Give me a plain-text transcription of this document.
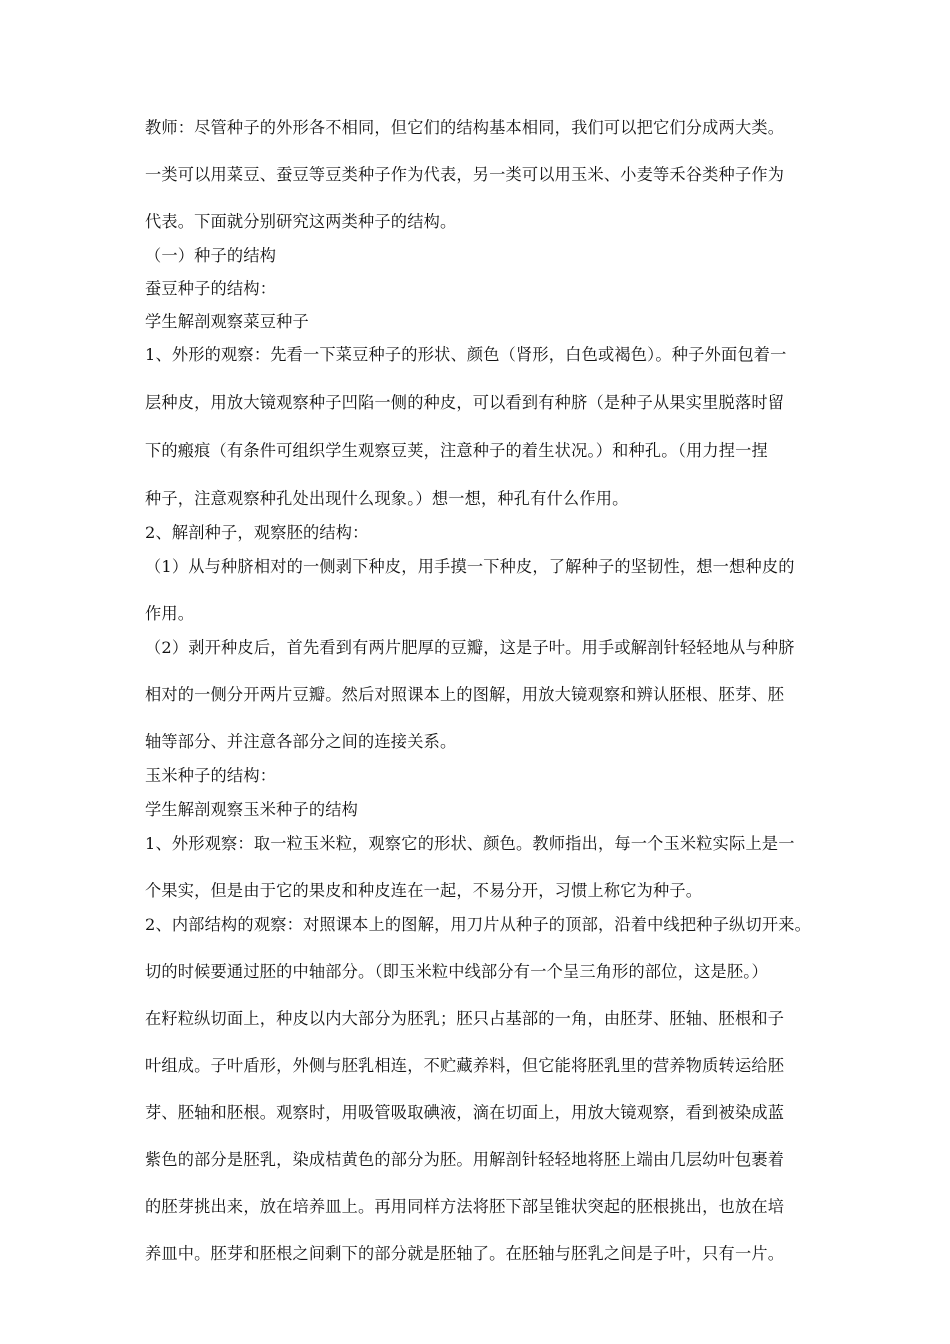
教师：尽管种子的外形各不相同，但它们的结构基本相同，我们可以把它们分成两大类。
一类可以用菜豆、蚕豆等豆类种子作为代表，另一类可以用玉米、小麦等禾谷类种子作为
代表。下面就分别研究这两类种子的结构。
（一）种子的结构
蚕豆种子的结构：
学生解剖观察菜豆种子
1、外形的观察：先看一下菜豆种子的形状、颜色（肾形，白色或褐色）。种子外面包着一
层种皮，用放大镜观察种子凹陷一侧的种皮，可以看到有种脐（是种子从果实里脱落时留
下的瘢痕（有条件可组织学生观察豆荚，注意种子的着生状况。）和种孔。（用力捏一捏
种子，注意观察种孔处出现什么现象。）想一想，种孔有什么作用。
2、解剖种子，观察胚的结构：
（1）从与种脐相对的一侧剥下种皮，用手摸一下种皮，了解种子的坚韧性，想一想种皮的
作用。
（2）剥开种皮后，首先看到有两片肥厚的豆瓣，这是子叶。用手或解剖针轻轻地从与种脐
相对的一侧分开两片豆瓣。然后对照课本上的图解，用放大镜观察和辨认胚根、胚芽、胚
轴等部分、并注意各部分之间的连接关系。
玉米种子的结构：
学生解剖观察玉米种子的结构
1、外形观察：取一粒玉米粒，观察它的形状、颜色。教师指出，每一个玉米粒实际上是一
个果实，但是由于它的果皮和种皮连在一起，不易分开，习惯上称它为种子。
2、内部结构的观察：对照课本上的图解，用刀片从种子的顶部，沿着中线把种子纵切开来。
切的时候要通过胚的中轴部分。（即玉米粒中线部分有一个呈三角形的部位，这是胚。）
在籽粒纵切面上，种皮以内大部分为胚乳；胚只占基部的一角，由胚芽、胚轴、胚根和子
叶组成。子叶盾形，外侧与胚乳相连，不贮藏养料，但它能将胚乳里的营养物质转运给胚
芽、胚轴和胚根。观察时，用吸管吸取碘液，滴在切面上，用放大镜观察，看到被染成蓝
紫色的部分是胚乳，染成桔黄色的部分为胚。用解剖针轻轻地将胚上端由几层幼叶包裹着
的胚芽挑出来，放在培养皿上。再用同样方法将胚下部呈锥状突起的胚根挑出，也放在培
养皿中。胚芽和胚根之间剩下的部分就是胚轴了。在胚轴与胚乳之间是子叶，只有一片。
